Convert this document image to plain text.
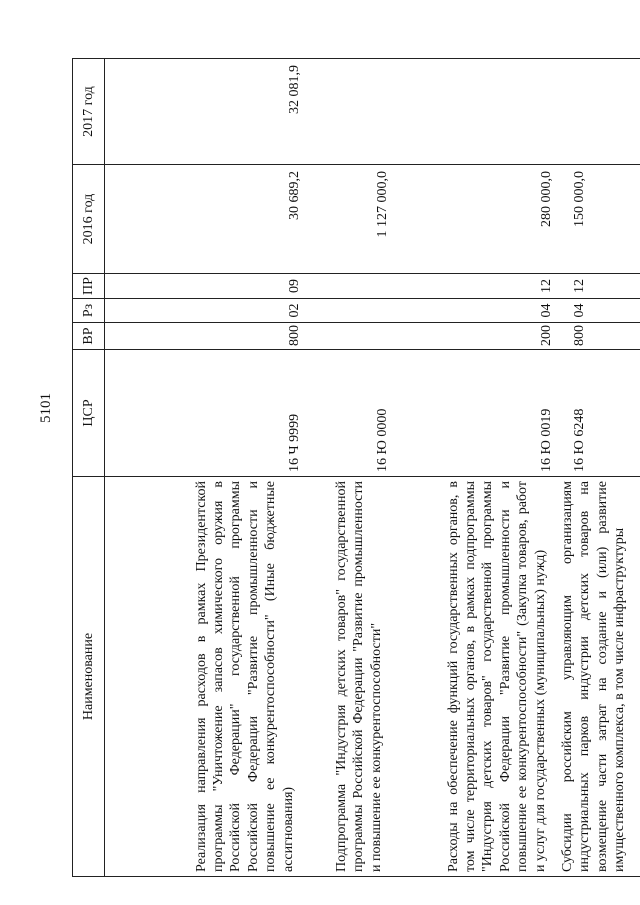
5101
Наименование	ЦСР	ВР	Рз	ПР	2016 год	2017 год
Реализация направления расходов в рамках Президентской программы "Уничтожение запасов химического оружия в Российской Федерации" государственной программы Российской Федерации "Развитие промышленности и повышение ее конкурентоспособности" (Иные бюджетные ассигнования)	16 Ч 9999	800	02	09	30 689,2	32 081,9
Подпрограмма "Индустрия детских товаров" государственной программы Российской Федерации "Развитие промышленности и повышение ее конкурентоспособности"	16 Ю 0000				1 127 000,0	
Расходы на обеспечение функций государственных органов, в том числе территориальных органов, в рамках подпрограммы "Индустрия детских товаров" государственной программы Российской Федерации "Развитие промышленности и повышение ее конкурентоспособности" (Закупка товаров, работ и услуг для государственных (муниципальных) нужд)	16 Ю 0019	200	04	12	280 000,0	
Субсидии российским управляющим организациям индустриальных парков индустрии детских товаров на возмещение части затрат на создание и (или) развитие имущественного комплекса, в том числе инфраструктуры	16 Ю 6248	800	04	12	150 000,0	
